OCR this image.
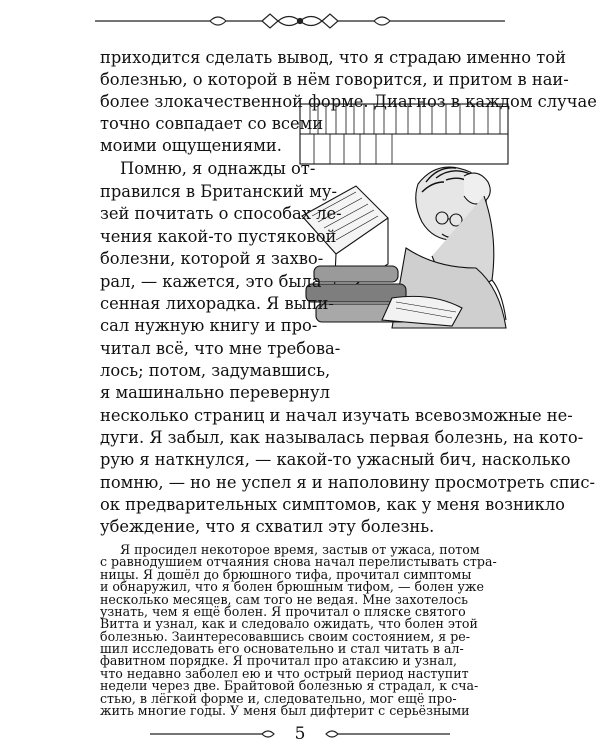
приходится сделать вывод, что я страдаю именно той
болезнью, о которой в нём говорится, и притом в наи-
более злокачественной форме. Диагноз в каждом случае
точно совпадает со всеми
моими ощущениями.
Помню, я однажды от-
правился в Британский му-
зей почитать о способах ле-
чения какой-то пустяковой
болезни, которой я захво-
рал, — кажется, это была
сенная лихорадка. Я выпи-
сал нужную книгу и про-
читал всё, что мне требова-
лось; потом, задумавшись,
я машинально перевернул
несколько страниц и начал изучать всевозможные не-
дуги. Я забыл, как называлась первая болезнь, на кото-
рую я наткнулся, — какой-то ужасный бич, насколько
помню, — но не успел я и наполовину просмотреть спис-
ок предварительных симптомов, как у меня возникло
убеждение, что я схватил эту болезнь.
Я просидел некоторое время, застыв от ужаса, потом
с равнодушием отчаяния снова начал перелистывать стра-
ницы. Я дошёл до брюшного тифа, прочитал симптомы
и обнаружил, что я болен брюшным тифом, — болен уже
несколько месяцев, сам того не ведая. Мне захотелось
узнать, чем я ещё болен. Я прочитал о пляске святого
Витта и узнал, как и следовало ожидать, что болен этой
болезнью. Заинтересовавшись своим состоянием, я ре-
шил исследовать его основательно и стал читать в ал-
фавитном порядке. Я прочитал про атаксию и узнал,
что недавно заболел ею и что острый период наступит
недели через две. Брайтовой болезнью я страдал, к сча-
стью, в лёгкой форме и, следовательно, мог ещё про-
жить многие годы. У меня был дифтерит с серьёзными
5
